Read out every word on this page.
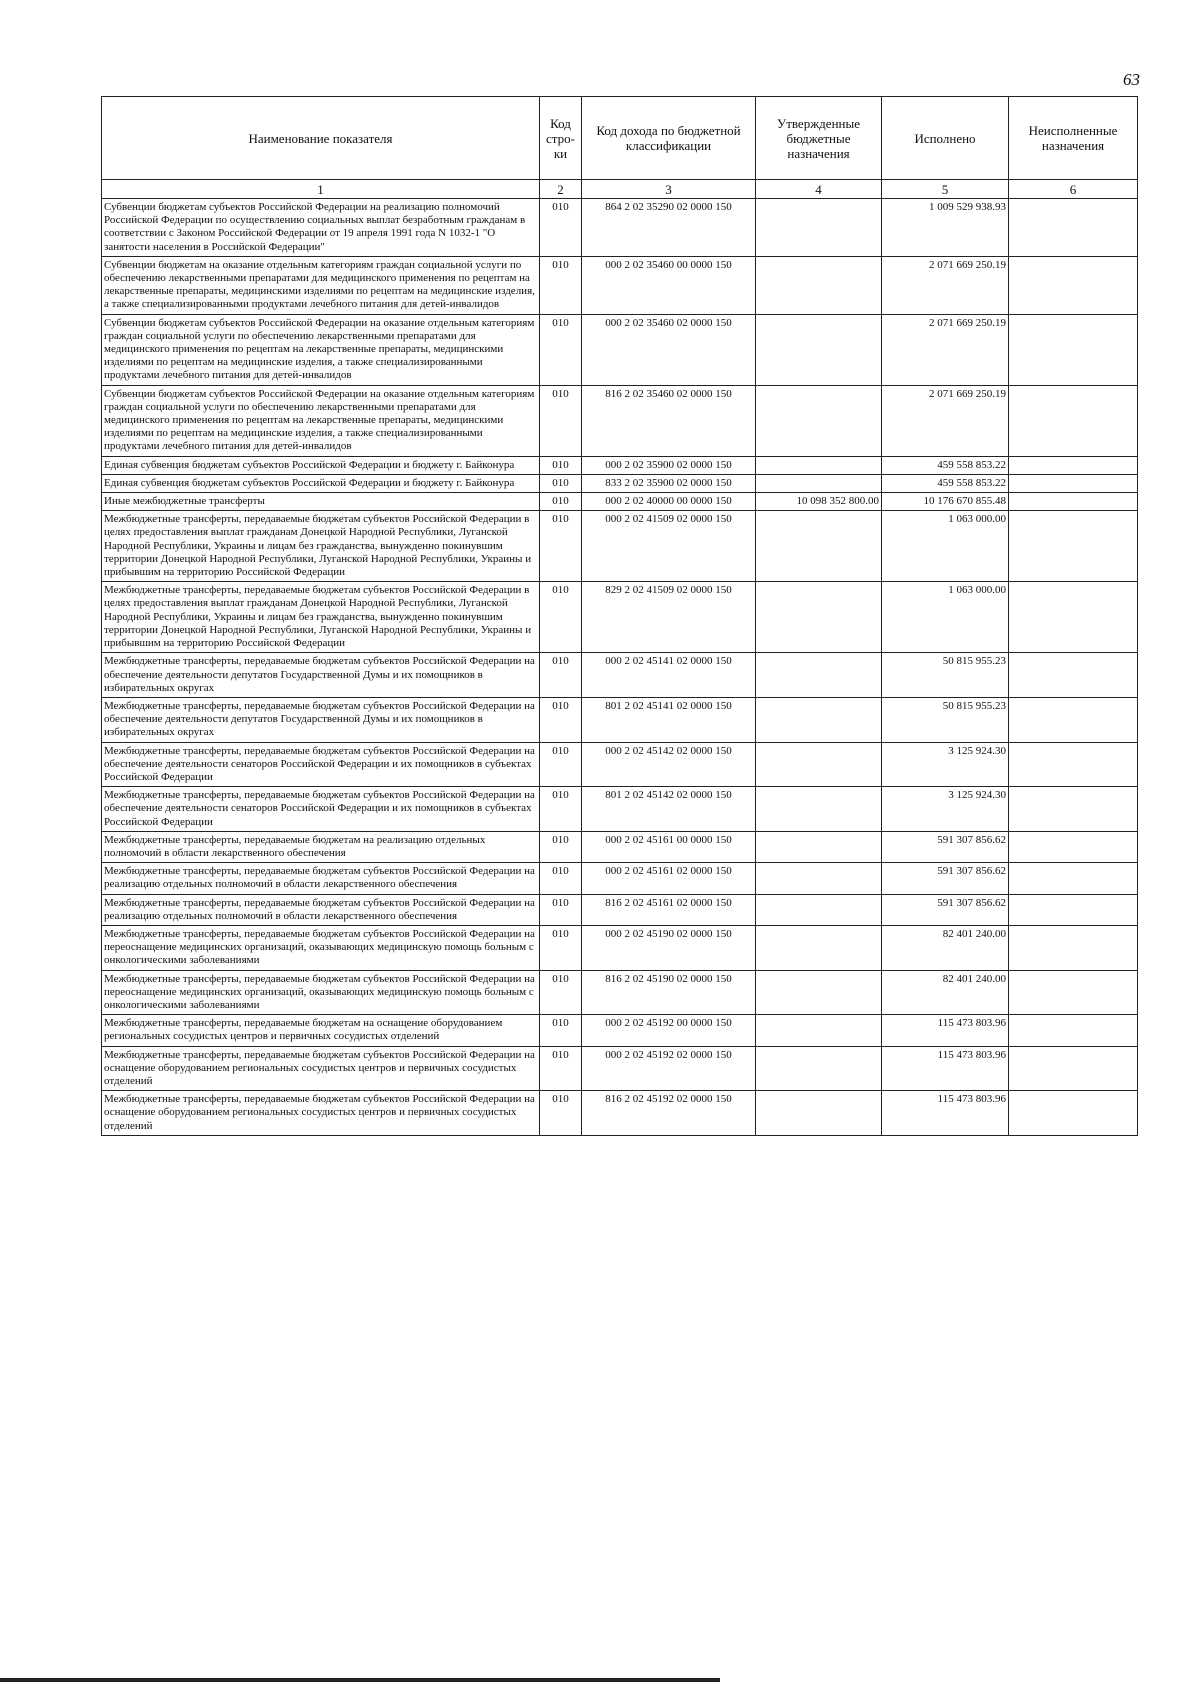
63
Наименование показателя	Код стро-ки	Код дохода по бюджетной классификации	Утвержденные бюджетные назначения	Исполнено	Неисполненные назначения
1	2	3	4	5	6
Субвенции бюджетам субъектов Российской Федерации на реализацию полномочий Российской Федерации по осуществлению социальных выплат безработным гражданам в соответствии с Законом Российской Федерации от 19 апреля 1991 года N 1032-1 "О занятости населения в Российской Федерации"	010	864 2 02 35290 02 0000 150		1 009 529 938.93	
Субвенции бюджетам на оказание отдельным категориям граждан социальной услуги по обеспечению лекарственными препаратами для медицинского применения по рецептам на лекарственные препараты, медицинскими изделиями по рецептам на медицинские изделия, а также специализированными продуктами лечебного питания для детей-инвалидов	010	000 2 02 35460 00 0000 150		2 071 669 250.19	
Субвенции бюджетам субъектов Российской Федерации на оказание отдельным категориям граждан социальной услуги по обеспечению лекарственными препаратами для медицинского применения по рецептам на лекарственные препараты, медицинскими изделиями по рецептам на медицинские изделия, а также специализированными продуктами лечебного питания для детей-инвалидов	010	000 2 02 35460 02 0000 150		2 071 669 250.19	
Субвенции бюджетам субъектов Российской Федерации на оказание отдельным категориям граждан социальной услуги по обеспечению лекарственными препаратами для медицинского применения по рецептам на лекарственные препараты, медицинскими изделиями по рецептам на медицинские изделия, а также специализированными продуктами лечебного питания для детей-инвалидов	010	816 2 02 35460 02 0000 150		2 071 669 250.19	
Единая субвенция бюджетам субъектов Российской Федерации и бюджету г. Байконура	010	000 2 02 35900 02 0000 150		459 558 853.22	
Единая субвенция бюджетам субъектов Российской Федерации и бюджету г. Байконура	010	833 2 02 35900 02 0000 150		459 558 853.22	
Иные межбюджетные трансферты	010	000 2 02 40000 00 0000 150	10 098 352 800.00	10 176 670 855.48	
Межбюджетные трансферты, передаваемые бюджетам субъектов Российской Федерации в целях предоставления выплат гражданам Донецкой Народной Республики, Луганской Народной Республики, Украины и лицам без гражданства, вынужденно покинувшим территории Донецкой Народной Республики, Луганской Народной Республики, Украины и прибывшим на территорию Российской Федерации	010	000 2 02 41509 02 0000 150		1 063 000.00	
Межбюджетные трансферты, передаваемые бюджетам субъектов Российской Федерации в целях предоставления выплат гражданам Донецкой Народной Республики, Луганской Народной Республики, Украины и лицам без гражданства, вынужденно покинувшим территории Донецкой Народной Республики, Луганской Народной Республики, Украины и прибывшим на территорию Российской Федерации	010	829 2 02 41509 02 0000 150		1 063 000.00	
Межбюджетные трансферты, передаваемые бюджетам субъектов Российской Федерации на обеспечение деятельности депутатов Государственной Думы и их помощников в избирательных округах	010	000 2 02 45141 02 0000 150		50 815 955.23	
Межбюджетные трансферты, передаваемые бюджетам субъектов Российской Федерации на обеспечение деятельности депутатов Государственной Думы и их помощников в избирательных округах	010	801 2 02 45141 02 0000 150		50 815 955.23	
Межбюджетные трансферты, передаваемые бюджетам субъектов Российской Федерации на обеспечение деятельности сенаторов Российской Федерации и их помощников в субъектах Российской Федерации	010	000 2 02 45142 02 0000 150		3 125 924.30	
Межбюджетные трансферты, передаваемые бюджетам субъектов Российской Федерации на обеспечение деятельности сенаторов Российской Федерации и их помощников в субъектах Российской Федерации	010	801 2 02 45142 02 0000 150		3 125 924.30	
Межбюджетные трансферты, передаваемые бюджетам на реализацию отдельных полномочий в области лекарственного обеспечения	010	000 2 02 45161 00 0000 150		591 307 856.62	
Межбюджетные трансферты, передаваемые бюджетам субъектов Российской Федерации на реализацию отдельных полномочий в области лекарственного обеспечения	010	000 2 02 45161 02 0000 150		591 307 856.62	
Межбюджетные трансферты, передаваемые бюджетам субъектов Российской Федерации на реализацию отдельных полномочий в области лекарственного обеспечения	010	816 2 02 45161 02 0000 150		591 307 856.62	
Межбюджетные трансферты, передаваемые бюджетам субъектов Российской Федерации на переоснащение медицинских организаций, оказывающих медицинскую помощь больным с онкологическими заболеваниями	010	000 2 02 45190 02 0000 150		82 401 240.00	
Межбюджетные трансферты, передаваемые бюджетам субъектов Российской Федерации на переоснащение медицинских организаций, оказывающих медицинскую помощь больным с онкологическими заболеваниями	010	816 2 02 45190 02 0000 150		82 401 240.00	
Межбюджетные трансферты, передаваемые бюджетам на оснащение оборудованием региональных сосудистых центров и первичных сосудистых отделений	010	000 2 02 45192 00 0000 150		115 473 803.96	
Межбюджетные трансферты, передаваемые бюджетам субъектов Российской Федерации на оснащение оборудованием региональных сосудистых центров и первичных сосудистых отделений	010	000 2 02 45192 02 0000 150		115 473 803.96	
Межбюджетные трансферты, передаваемые бюджетам субъектов Российской Федерации на оснащение оборудованием региональных сосудистых центров и первичных сосудистых отделений	010	816 2 02 45192 02 0000 150		115 473 803.96	
